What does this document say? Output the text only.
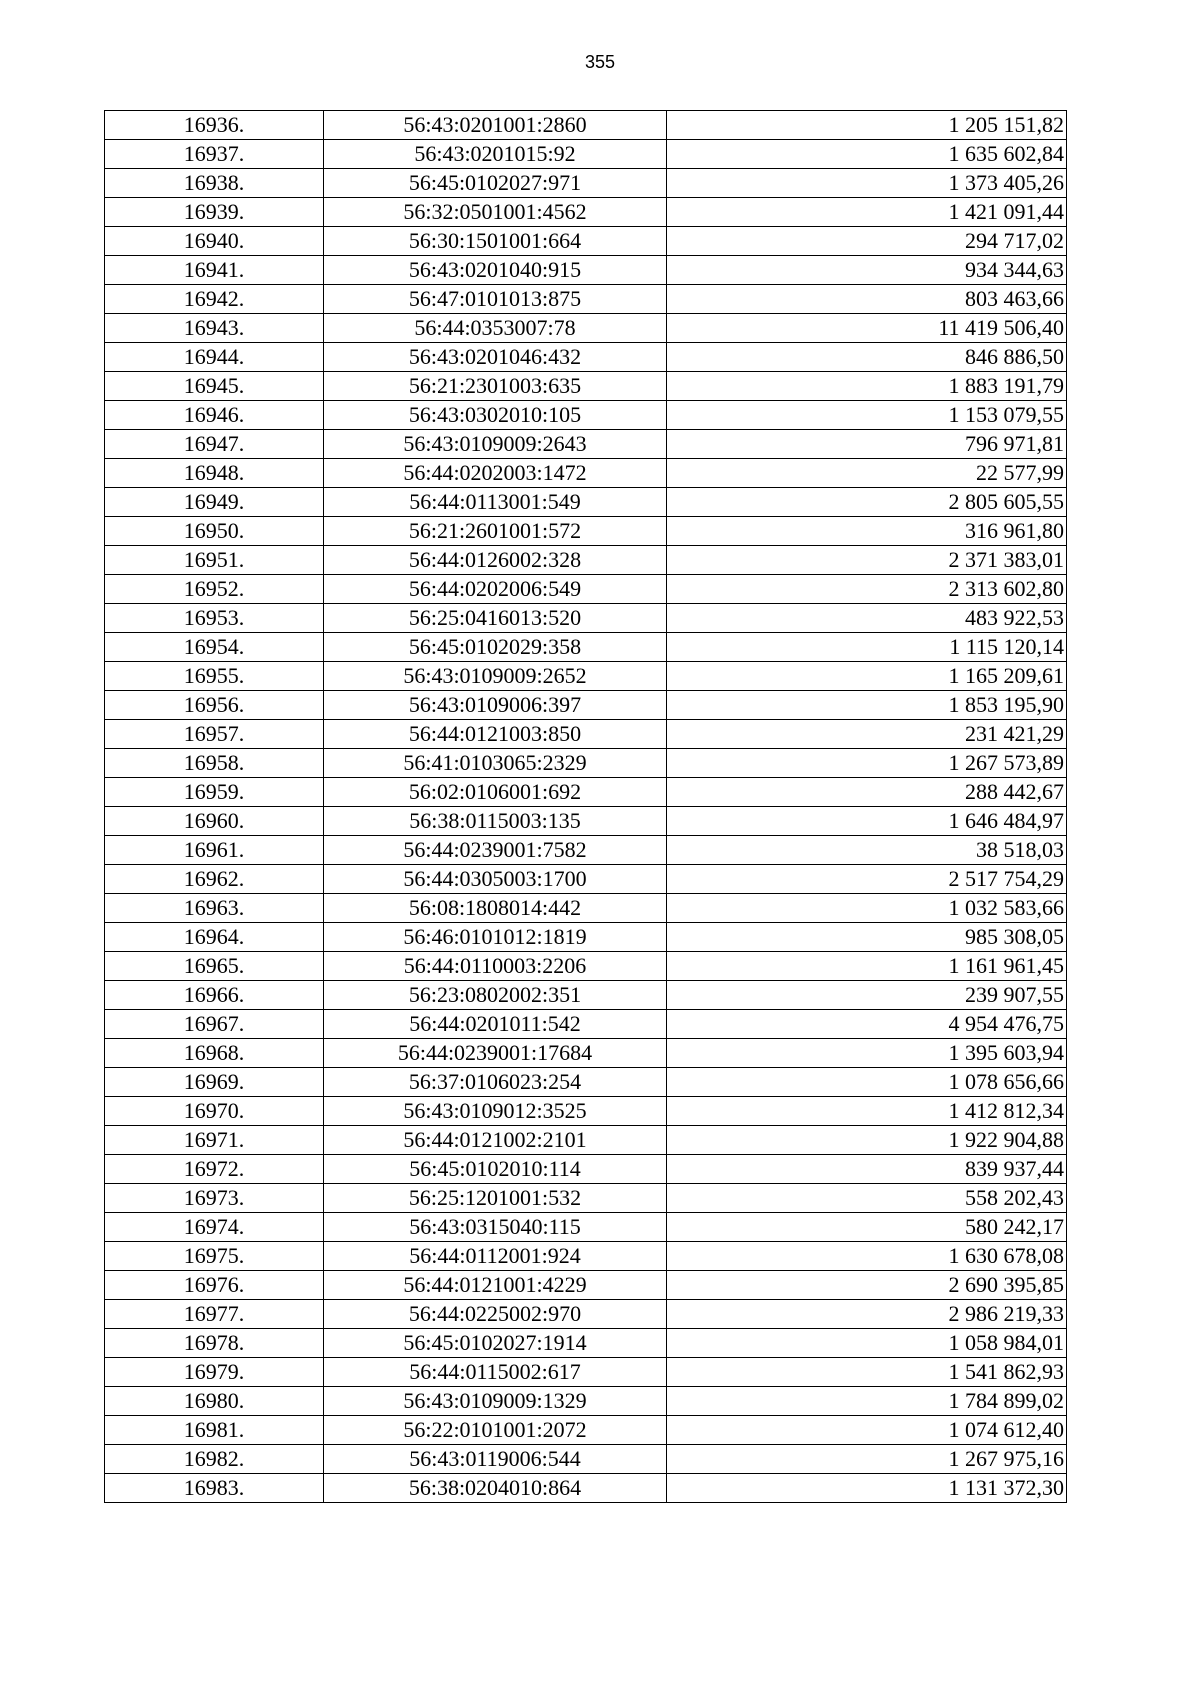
355
16936.	56:43:0201001:2860	1 205 151,82
16937.	56:43:0201015:92	1 635 602,84
16938.	56:45:0102027:971	1 373 405,26
16939.	56:32:0501001:4562	1 421 091,44
16940.	56:30:1501001:664	294 717,02
16941.	56:43:0201040:915	934 344,63
16942.	56:47:0101013:875	803 463,66
16943.	56:44:0353007:78	11 419 506,40
16944.	56:43:0201046:432	846 886,50
16945.	56:21:2301003:635	1 883 191,79
16946.	56:43:0302010:105	1 153 079,55
16947.	56:43:0109009:2643	796 971,81
16948.	56:44:0202003:1472	22 577,99
16949.	56:44:0113001:549	2 805 605,55
16950.	56:21:2601001:572	316 961,80
16951.	56:44:0126002:328	2 371 383,01
16952.	56:44:0202006:549	2 313 602,80
16953.	56:25:0416013:520	483 922,53
16954.	56:45:0102029:358	1 115 120,14
16955.	56:43:0109009:2652	1 165 209,61
16956.	56:43:0109006:397	1 853 195,90
16957.	56:44:0121003:850	231 421,29
16958.	56:41:0103065:2329	1 267 573,89
16959.	56:02:0106001:692	288 442,67
16960.	56:38:0115003:135	1 646 484,97
16961.	56:44:0239001:7582	38 518,03
16962.	56:44:0305003:1700	2 517 754,29
16963.	56:08:1808014:442	1 032 583,66
16964.	56:46:0101012:1819	985 308,05
16965.	56:44:0110003:2206	1 161 961,45
16966.	56:23:0802002:351	239 907,55
16967.	56:44:0201011:542	4 954 476,75
16968.	56:44:0239001:17684	1 395 603,94
16969.	56:37:0106023:254	1 078 656,66
16970.	56:43:0109012:3525	1 412 812,34
16971.	56:44:0121002:2101	1 922 904,88
16972.	56:45:0102010:114	839 937,44
16973.	56:25:1201001:532	558 202,43
16974.	56:43:0315040:115	580 242,17
16975.	56:44:0112001:924	1 630 678,08
16976.	56:44:0121001:4229	2 690 395,85
16977.	56:44:0225002:970	2 986 219,33
16978.	56:45:0102027:1914	1 058 984,01
16979.	56:44:0115002:617	1 541 862,93
16980.	56:43:0109009:1329	1 784 899,02
16981.	56:22:0101001:2072	1 074 612,40
16982.	56:43:0119006:544	1 267 975,16
16983.	56:38:0204010:864	1 131 372,30
